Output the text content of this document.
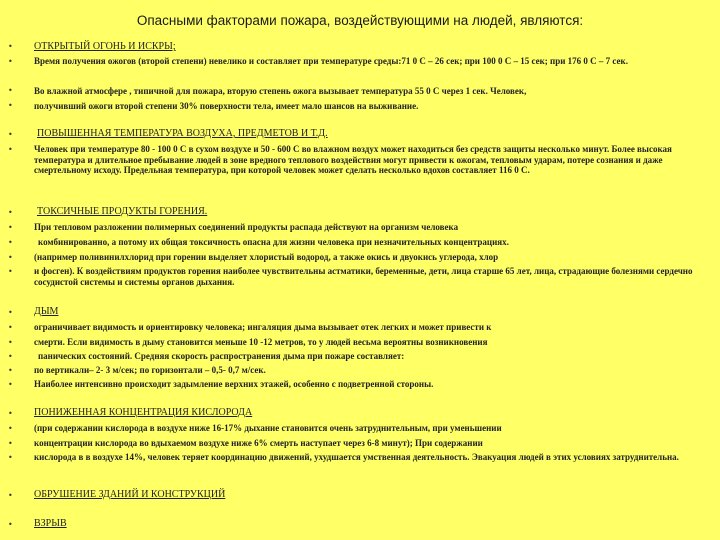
Опасными факторами пожара, воздействующими на людей, являются:
• ОТКРЫТЫЙ ОГОНЬ И ИСКРЫ;
• Время получения ожогов (второй степени) невелико и составляет при температуре среды:71 0 С – 26 сек; при 100 0 С – 15 сек; при 176 0 С – 7 сек.
• Во влажной атмосфере , типичной для пожара, вторую степень ожога вызывает температура 55 0 С через 1 сек. Человек,
• получивший ожоги второй степени 30% поверхности тела, имеет мало шансов на выживание.
• ПОВЫШЕННАЯ ТЕМПЕРАТУРА ВОЗДУХА, ПРЕДМЕТОВ И Т.Д.
• Человек при температуре 80 - 100 0 С в сухом воздухе и 50 - 600 С во влажном воздух может находиться без средств защиты несколько минут. Более высокая температура и длительное пребывание людей в зоне вредного теплового воздействия могут привести к ожогам, тепловым ударам, потере сознания и даже смертельному исходу. Предельная температура, при которой человек может сделать несколько вдохов составляет 116 0 С.
• ТОКСИЧНЫЕ ПРОДУКТЫ ГОРЕНИЯ.
• При тепловом разложении полимерных соединений продукты распада действуют на организм человека
•	комбинированно, а потому их общая токсичность опасна для жизни человека при незначительных концентрациях.
• (например поливинилхлорид при горении выделяет хлористый водород, а также окись и двуокись углерода, хлор
• и фосген). К воздействиям продуктов горения наиболее чувствительны астматики, беременные, дети, лица старше 65 лет, лица, страдающие болезнями сердечно сосудистой системы и системы органов дыхания.
• ДЫМ
• ограничивает видимость и ориентировку человека; ингаляция дыма вызывает отек легких и может привести к
• смерти. Если видимость в дыму становится меньше 10 -12 метров, то у людей весьма вероятны возникновения
•	панических состояний. Средняя скорость распространения дыма при пожаре составляет:
• по вертикали– 2- 3 м/сек; по горизонтали – 0,5- 0,7 м/сек.
• Наиболее интенсивно происходит задымление верхних этажей, особенно с подветренной стороны.
• ПОНИЖЕННАЯ КОНЦЕНТРАЦИЯ КИСЛОРОДА
• (при содержании кислорода в воздухе ниже 16-17% дыхание становится очень затруднительным, при уменьшении
• концентрации кислорода во вдыхаемом воздухе ниже 6% смерть наступает через 6-8 минут); При содержании
• кислорода в в воздухе 14%, человек теряет координацию движений, ухудшается умственная деятельность. Эвакуация людей в этих условиях затруднительна.
• ОБРУШЕНИЕ ЗДАНИЙ И КОНСТРУКЦИЙ
• ВЗРЫВ
